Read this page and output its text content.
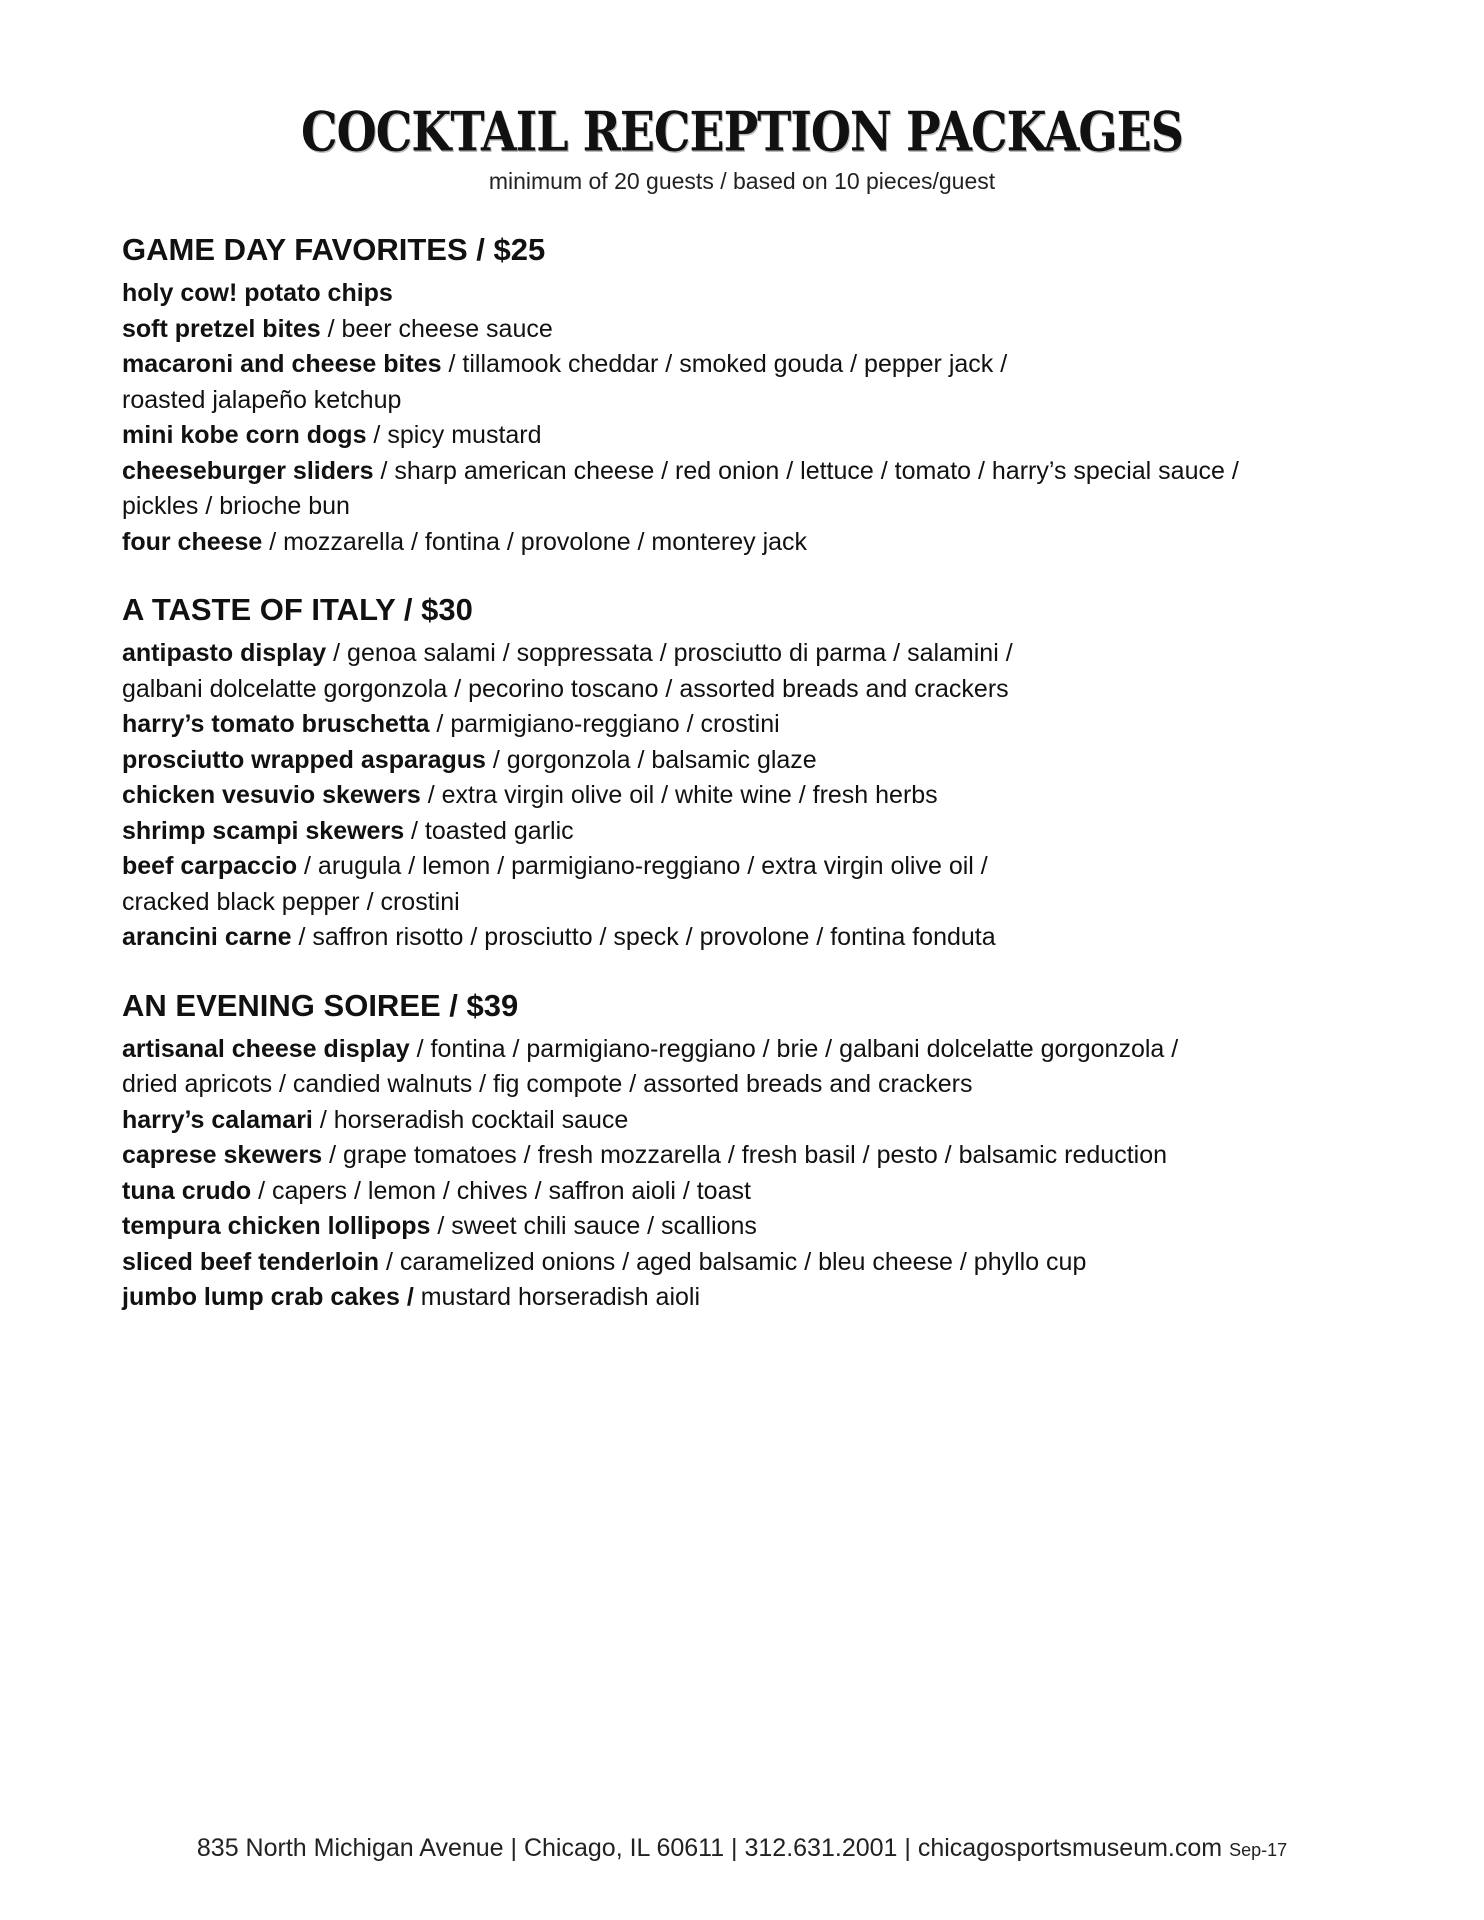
COCKTAIL RECEPTION PACKAGES
minimum of 20 guests / based on 10 pieces/guest
GAME DAY FAVORITES / $25
holy cow! potato chips
soft pretzel bites / beer cheese sauce
macaroni and cheese bites / tillamook cheddar / smoked gouda / pepper jack /
roasted jalapeño ketchup
mini kobe corn dogs / spicy mustard
cheeseburger sliders / sharp american cheese / red onion / lettuce / tomato / harry’s special sauce /
pickles / brioche bun
four cheese / mozzarella / fontina / provolone / monterey jack
A TASTE OF ITALY / $30
antipasto display / genoa salami / soppressata / prosciutto di parma / salamini /
galbani dolcelatte gorgonzola / pecorino toscano / assorted breads and crackers
harry’s tomato bruschetta / parmigiano-reggiano / crostini
prosciutto wrapped asparagus / gorgonzola / balsamic glaze
chicken vesuvio skewers / extra virgin olive oil / white wine / fresh herbs
shrimp scampi skewers / toasted garlic
beef carpaccio / arugula / lemon / parmigiano-reggiano / extra virgin olive oil /
cracked black pepper / crostini
arancini carne / saffron risotto / prosciutto / speck / provolone / fontina fonduta
AN EVENING SOIREE / $39
artisanal cheese display / fontina / parmigiano-reggiano / brie / galbani dolcelatte gorgonzola /
dried apricots / candied walnuts / fig compote / assorted breads and crackers
harry’s calamari / horseradish cocktail sauce
caprese skewers / grape tomatoes / fresh mozzarella / fresh basil / pesto / balsamic reduction
tuna crudo / capers / lemon / chives / saffron aioli / toast
tempura chicken lollipops / sweet chili sauce / scallions
sliced beef tenderloin / caramelized onions / aged balsamic / bleu cheese / phyllo cup
jumbo lump crab cakes / mustard horseradish aioli
835 North Michigan Avenue | Chicago, IL 60611 | 312.631.2001 | chicagosportsmuseum.com Sep-17
